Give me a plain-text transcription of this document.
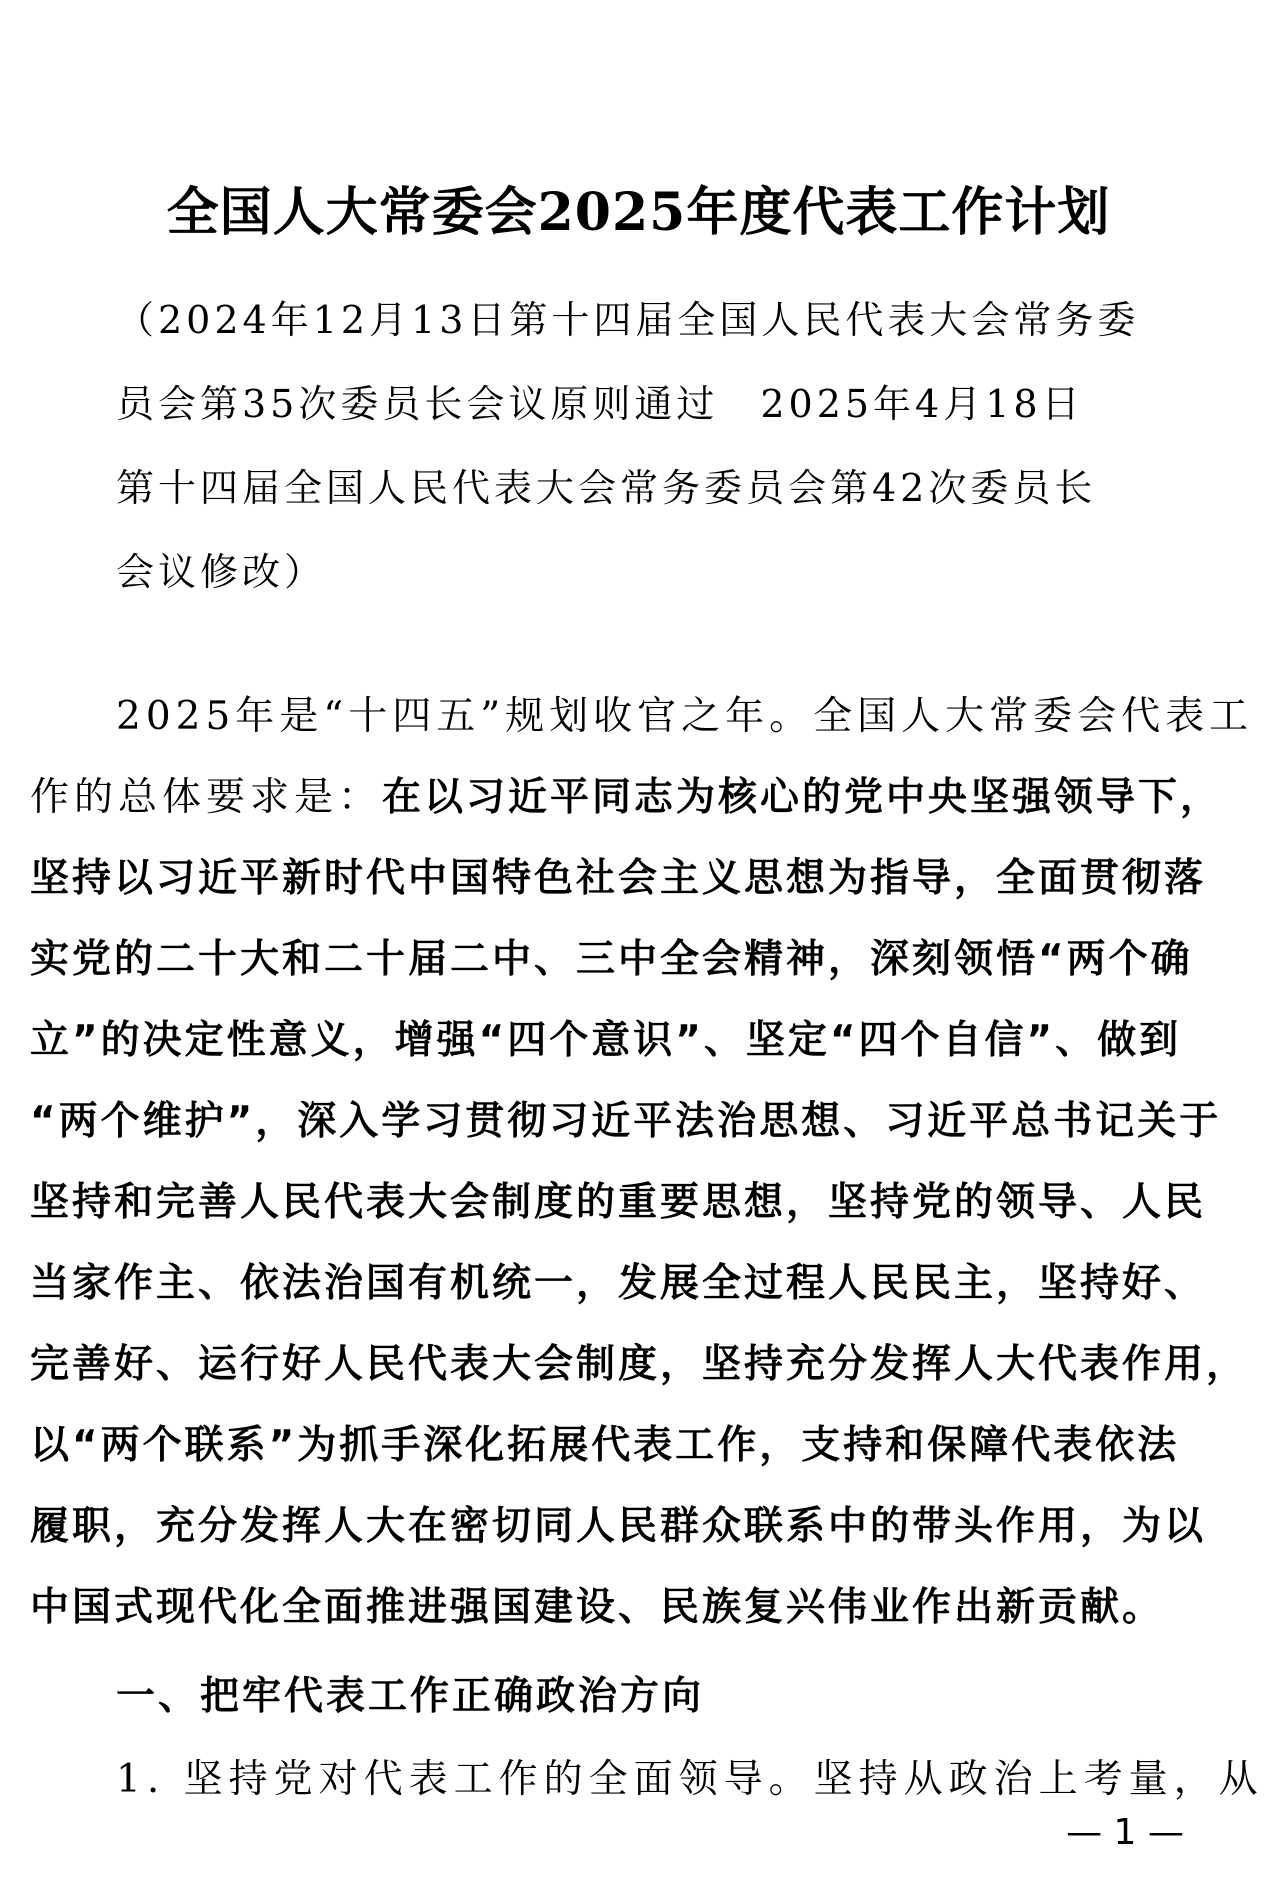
全国人大常委会2025年度代表工作计划
（2024年12月13日第十四届全国人民代表大会常务委
员会第35次委员长会议原则通过　2025年4月18日
第十四届全国人民代表大会常务委员会第42次委员长
会议修改）
2025年是“十四五”规划收官之年。全国人大常委会代表工
作的总体要求是：在以习近平同志为核心的党中央坚强领导下，
坚持以习近平新时代中国特色社会主义思想为指导，全面贯彻落
实党的二十大和二十届二中、三中全会精神，深刻领悟“两个确
立”的决定性意义，增强“四个意识”、坚定“四个自信”、做到
“两个维护”，深入学习贯彻习近平法治思想、习近平总书记关于
坚持和完善人民代表大会制度的重要思想，坚持党的领导、人民
当家作主、依法治国有机统一，发展全过程人民民主，坚持好、
完善好、运行好人民代表大会制度，坚持充分发挥人大代表作用，
以“两个联系”为抓手深化拓展代表工作，支持和保障代表依法
履职，充分发挥人大在密切同人民群众联系中的带头作用，为以
中国式现代化全面推进强国建设、民族复兴伟业作出新贡献。
一、把牢代表工作正确政治方向
1. 坚持党对代表工作的全面领导。坚持从政治上考量，从
— 1 —
